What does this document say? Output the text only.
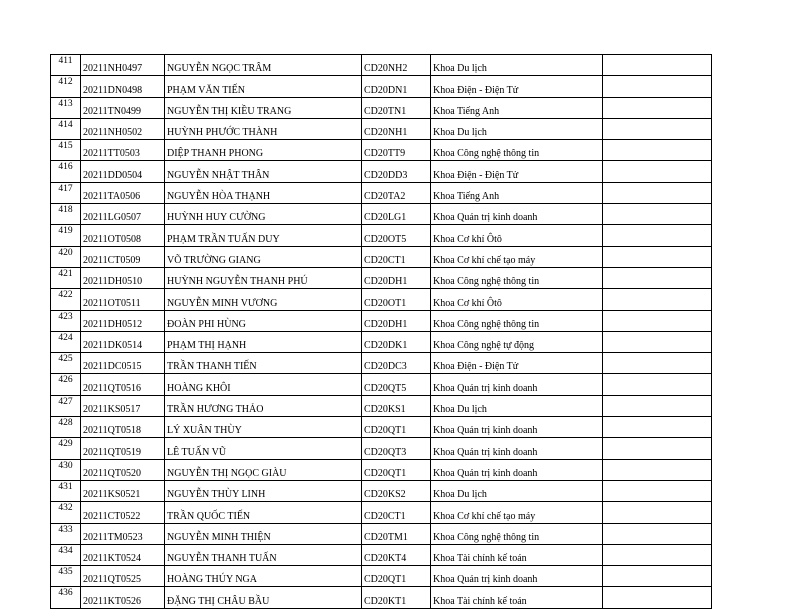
411	20211NH0497	NGUYỄN NGỌC TRÂM	CD20NH2	Khoa Du lịch	
412	20211DN0498	PHẠM VĂN TIẾN	CD20DN1	Khoa Điện - Điện Tử	
413	20211TN0499	NGUYỄN THỊ KIỀU TRANG	CD20TN1	Khoa Tiếng Anh	
414	20211NH0502	HUỲNH PHƯỚC THÀNH	CD20NH1	Khoa Du lịch	
415	20211TT0503	DIỆP THANH PHONG	CD20TT9	Khoa Công nghệ thông tin	
416	20211DD0504	NGUYỄN NHẬT THÂN	CD20DD3	Khoa Điện - Điện Tử	
417	20211TA0506	NGUYỄN HÒA THẠNH	CD20TA2	Khoa Tiếng Anh	
418	20211LG0507	HUỲNH HUY CƯỜNG	CD20LG1	Khoa Quản trị kinh doanh	
419	20211OT0508	PHẠM TRẦN TUẤN DUY	CD20OT5	Khoa Cơ khí Ôtô	
420	20211CT0509	VÕ TRƯỜNG GIANG	CD20CT1	Khoa Cơ khí chế tạo máy	
421	20211DH0510	HUỲNH NGUYỄN THANH PHÚ	CD20DH1	Khoa Công nghệ thông tin	
422	20211OT0511	NGUYỄN MINH VƯƠNG	CD20OT1	Khoa Cơ khí Ôtô	
423	20211DH0512	ĐOÀN PHI HÙNG	CD20DH1	Khoa Công nghệ thông tin	
424	20211DK0514	PHẠM THỊ HẠNH	CD20DK1	Khoa Công nghệ tự động	
425	20211DC0515	TRẦN THANH TIẾN	CD20DC3	Khoa Điện - Điện Tử	
426	20211QT0516	HOÀNG KHÔI	CD20QT5	Khoa Quản trị kinh doanh	
427	20211KS0517	TRẦN HƯƠNG THẢO	CD20KS1	Khoa Du lịch	
428	20211QT0518	LÝ XUÂN THÙY	CD20QT1	Khoa Quản trị kinh doanh	
429	20211QT0519	LÊ TUẤN VŨ	CD20QT3	Khoa Quản trị kinh doanh	
430	20211QT0520	NGUYỄN THỊ NGỌC GIÀU	CD20QT1	Khoa Quản trị kinh doanh	
431	20211KS0521	NGUYỄN THÙY LINH	CD20KS2	Khoa Du lịch	
432	20211CT0522	TRẦN QUỐC TIẾN	CD20CT1	Khoa Cơ khí chế tạo máy	
433	20211TM0523	NGUYỄN MINH THIỆN	CD20TM1	Khoa Công nghệ thông tin	
434	20211KT0524	NGUYỄN THANH TUẤN	CD20KT4	Khoa Tài chính kế toán	
435	20211QT0525	HOÀNG THÚY NGA	CD20QT1	Khoa Quản trị kinh doanh	
436	20211KT0526	ĐẶNG THỊ CHÂU BẦU	CD20KT1	Khoa Tài chính kế toán	
